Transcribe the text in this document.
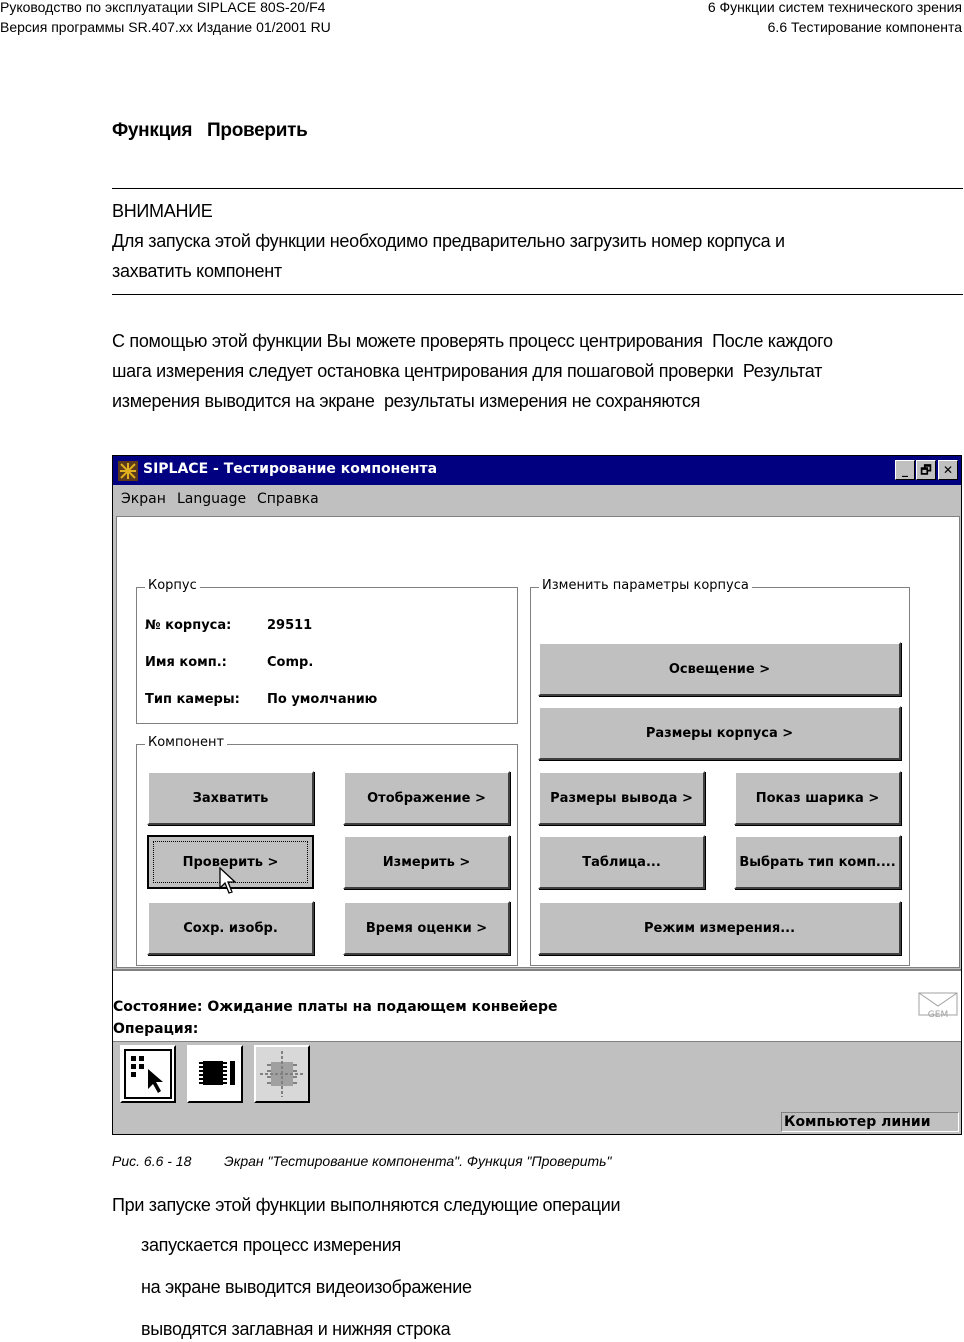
Руководство по эксплуатации SIPLACE 80S-20/F4
Версия программы SR.407.xx Издание 01/2001 RU
6 Функции систем технического зрения
6.6 Тестирование компонента
Функция   Проверить
ВНИМАНИЕ
Для запуска этой функции необходимо предварительно загрузить номер корпуса и
захватить компонент
С помощью этой функции Вы можете проверять процесс центрирования  После каждого
шага измерения следует остановка центрирования для пошаговой проверки  Результат
измерения выводится на экране  результаты измерения не сохраняются
SIPLACE - Тестирование компонента	_	🗗 ✕
Экран Language Справка
Корпус
№ корпуса:	29511
Имя комп.:	Comp.
Тип камеры: По умолчанию
Компонент
Захватить	Отображение >
Проверить >	Измерить >
Сохр. изобр.	Время оценки >
Изменить параметры корпуса
Освещение >
Размеры корпуса >
Размеры вывода >	Показ шарика >
Таблица...	Выбрать тип комп....
Режим измерения...
Состояние: Ожидание платы на подающем конвейере
Операция:
GEM
Компьютер линии
Рис. 6.6 - 18 Экран "Тестирование компонента". Функция "Проверить"
При запуске этой функции выполняются следующие операции
запускается процесс измерения
на экране выводится видеоизображение
выводятся заглавная и нижняя строка
